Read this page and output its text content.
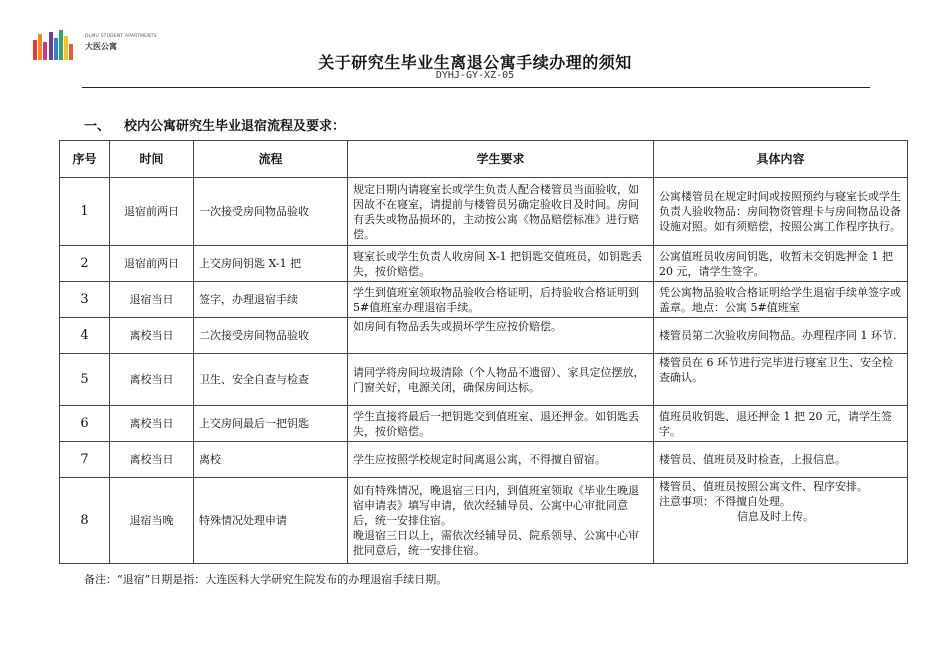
DLMU STUDENT APARTMENTS
大医公寓
关于研究生毕业生离退公寓手续办理的须知
DYHJ-GY-XZ-05
一、 校内公寓研究生毕业退宿流程及要求：
序号	时间	流程	学生要求	具体内容
1	退宿前两日	一次接受房间物品验收	规定日期内请寝室长或学生负责人配合楼管员当面验收，如因故不在寝室，请提前与楼管员另确定验收日及时间。房间有丢失或物品损坏的，主动按公寓《物品赔偿标准》进行赔偿。	公寓楼管员在规定时间或按照预约与寝室长或学生负责人验收物品：房间物资管理卡与房间物品设备设施对照。如有须赔偿，按照公寓工作程序执行。
2	退宿前两日	上交房间钥匙 X-1 把	寝室长或学生负责人收房间 X-1 把钥匙交值班员，如钥匙丢失，按价赔偿。	公寓值班员收房间钥匙，收暂未交钥匙押金 1 把 20 元，请学生签字。
3	退宿当日	签字，办理退宿手续	学生到值班室领取物品验收合格证明，后持验收合格证明到 5#值班室办理退宿手续。	凭公寓物品验收合格证明给学生退宿手续单签字或盖章。地点：公寓 5#值班室
4	离校当日	二次接受房间物品验收	如房间有物品丢失或损坏学生应按价赔偿。	楼管员第二次验收房间物品。办理程序同 1 环节.
5	离校当日	卫生、安全自查与检查	请同学将房间垃圾清除（个人物品不遗留）、家具定位摆放，门窗关好，电源关闭，确保房间达标。	楼管员在 6 环节进行完毕进行寝室卫生、安全检查确认。
6	离校当日	上交房间最后一把钥匙	学生直接将最后一把钥匙交到值班室、退还押金。如钥匙丢失，按价赔偿。	值班员收钥匙、退还押金 1 把 20 元，请学生签字。
7	离校当日	离校	学生应按照学校规定时间离退公寓，不得擅自留宿。	楼管员、值班员及时检查，上报信息。
8	退宿当晚	特殊情况处理申请	如有特殊情况，晚退宿三日内，到值班室领取《毕业生晚退宿申请表》填写申请，依次经辅导员、公寓中心审批同意后，统一安排住宿。
晚退宿三日以上，需依次经辅导员、院系领导、公寓中心审批同意后，统一安排住宿。	楼管员、值班员按照公寓文件、程序安排。
注意事项：不得擅自处理。
信息及时上传。
备注：“退宿”日期是指：大连医科大学研究生院发布的办理退宿手续日期。
